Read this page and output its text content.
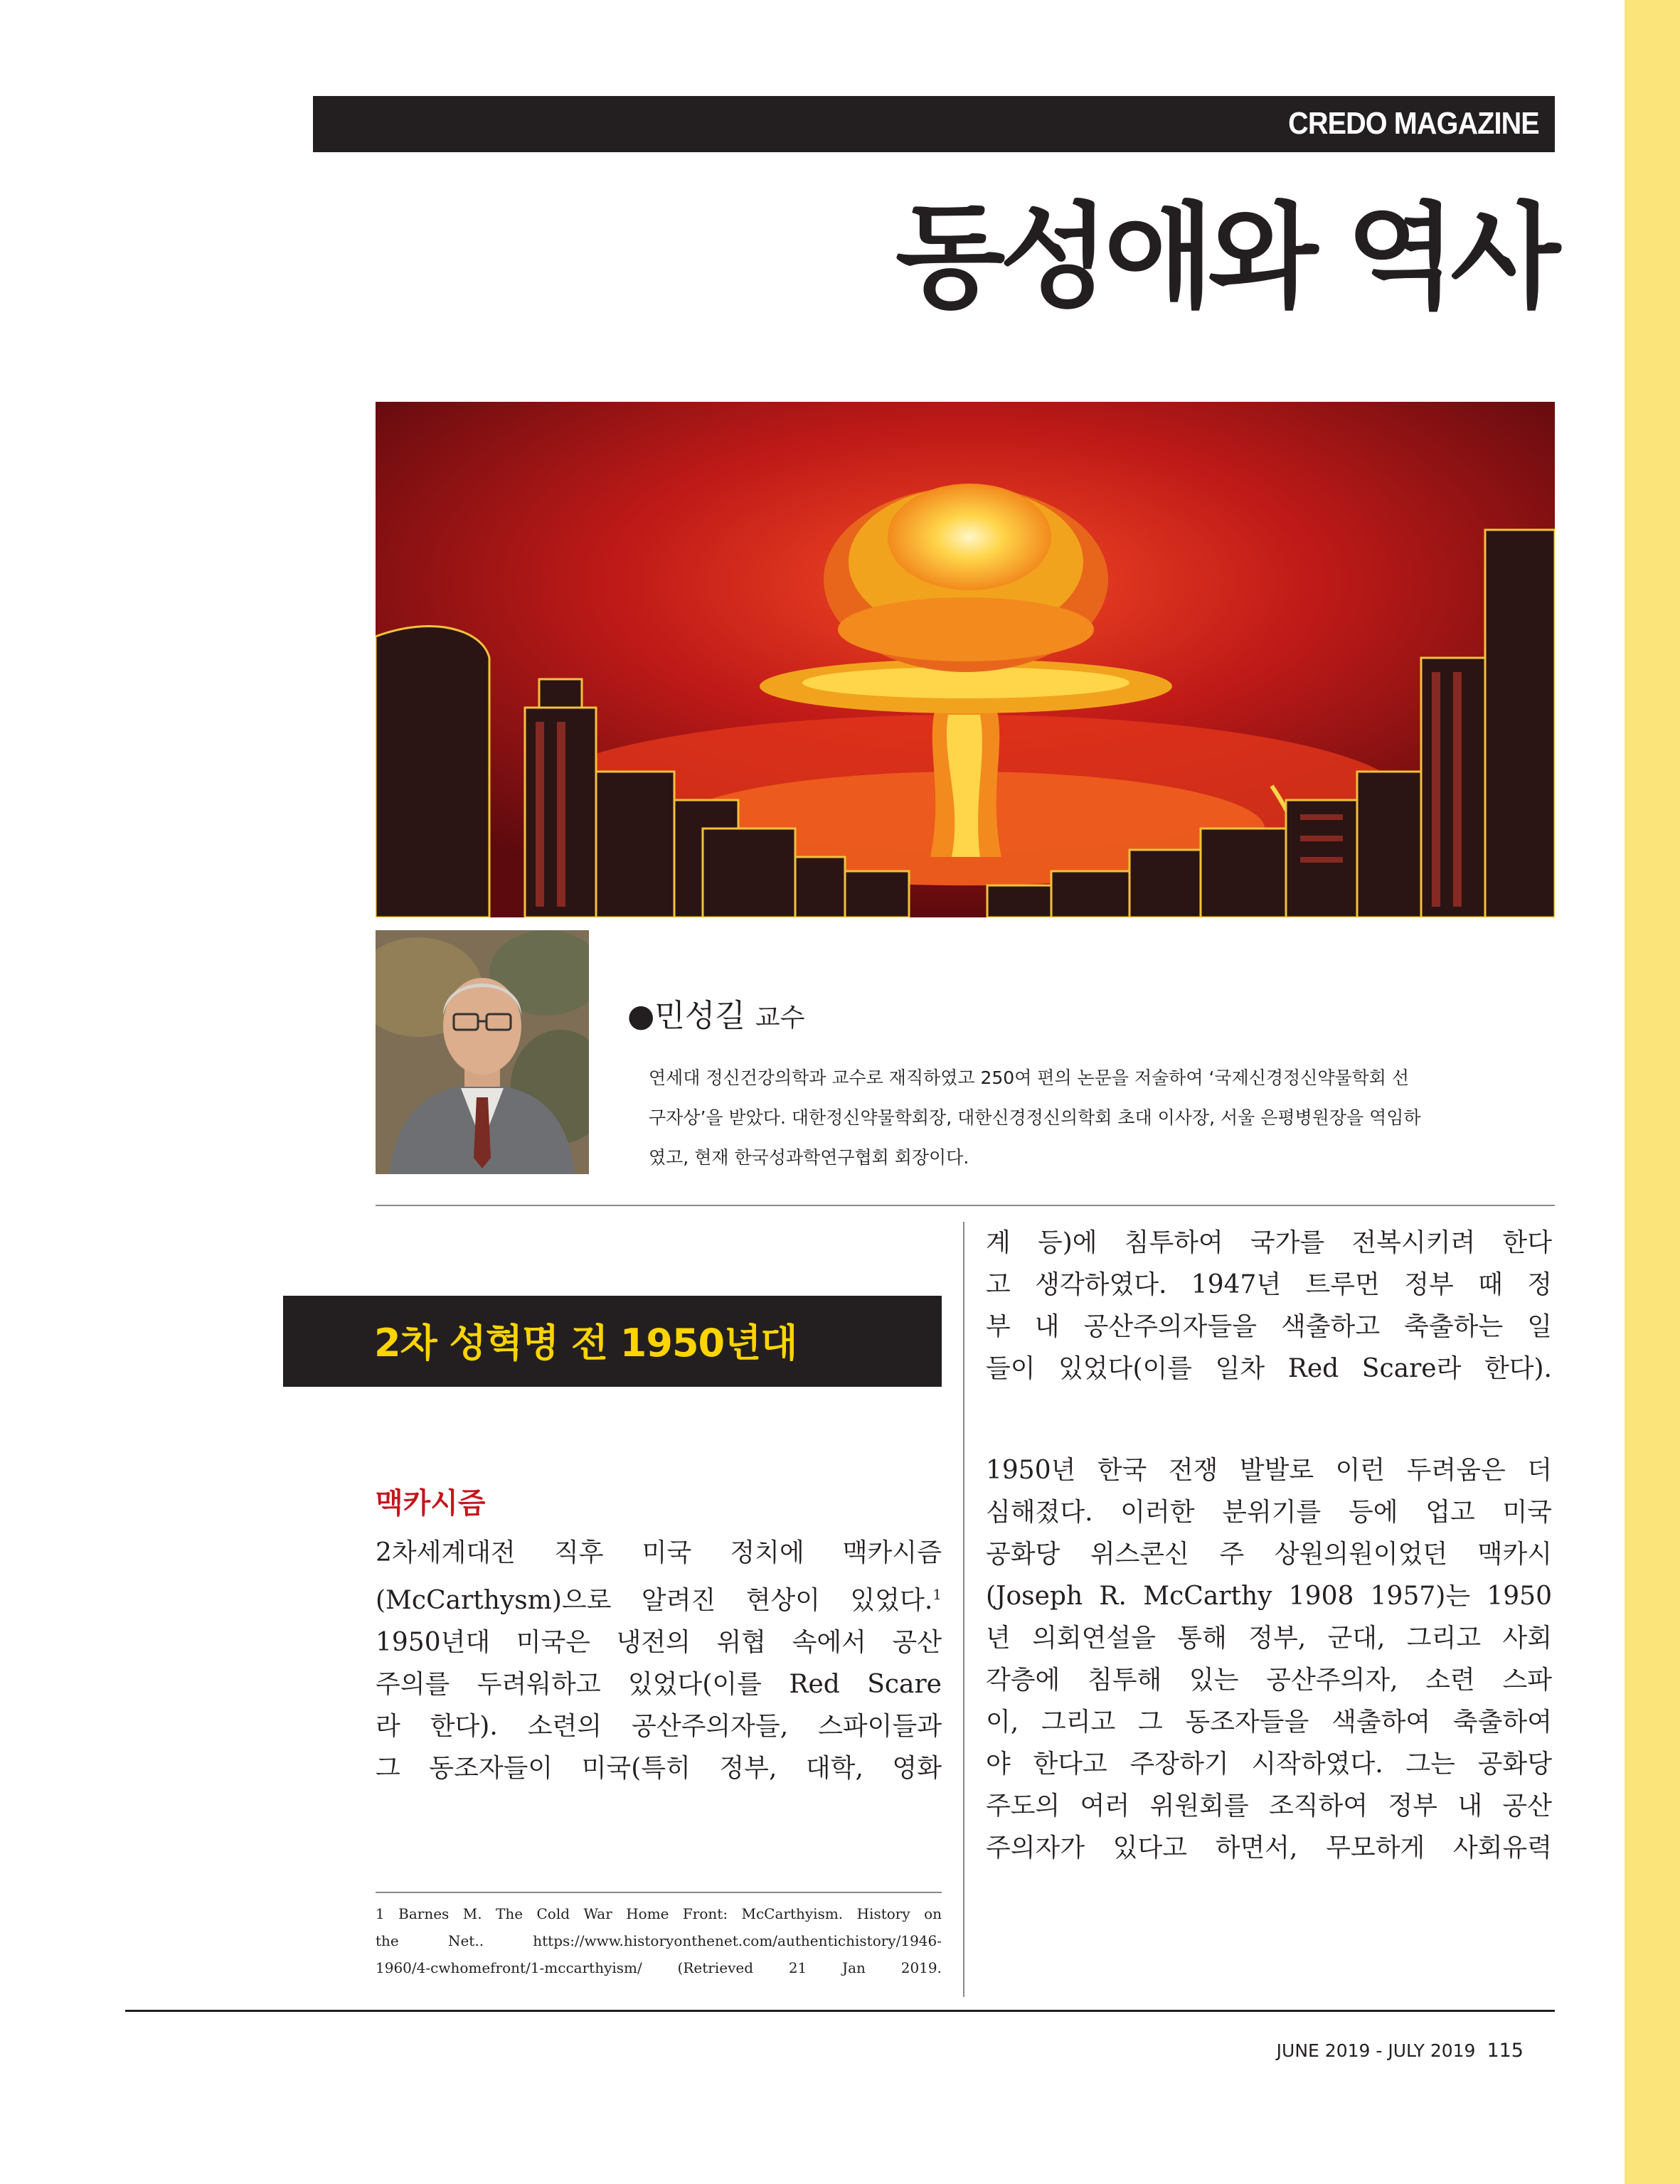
CREDO MAGAZINE
동성애와 역사
●민성길 교수
연세대 정신건강의학과 교수로 재직하였고 250여 편의 논문을 저술하여 ‘국제신경정신약물학회 선
구자상’을 받았다. 대한정신약물학회장, 대한신경정신의학회 초대 이사장, 서울 은평병원장을 역임하
였고, 현재 한국성과학연구협회 회장이다.
2차 성혁명 전 1950년대
맥카시즘
2차세계대전 직후 미국 정치에 맥카시즘
(McCarthysm)으로 알려진 현상이 있었다.$^1$
1950년대 미국은 냉전의 위협 속에서 공산
주의를 두려워하고 있었다(이를 Red Scare
라 한다). 소련의 공산주의자들, 스파이들과
그 동조자들이 미국(특히 정부, 대학, 영화
1 Barnes M. The Cold War Home Front: McCarthyism. History on
the Net.. https://www.historyonthenet.com/authentichistory/1946-
1960/4-cwhomefront/1-mccarthyism/ (Retrieved 21 Jan 2019.
계 등)에 침투하여 국가를 전복시키려 한다
고 생각하였다. 1947년 트루먼 정부 때 정
부 내 공산주의자들을 색출하고 축출하는 일
들이 있었다(이를 일차 Red Scare라 한다).
1950년 한국 전쟁 발발로 이런 두려움은 더
심해졌다. 이러한 분위기를 등에 업고 미국
공화당 위스콘신 주 상원의원이었던 맥카시
(Joseph R. McCarthy 1908 1957)는 1950
년 의회연설을 통해 정부, 군대, 그리고 사회
각층에 침투해 있는 공산주의자, 소련 스파
이, 그리고 그 동조자들을 색출하여 축출하여
야 한다고 주장하기 시작하였다. 그는 공화당
주도의 여러 위원회를 조직하여 정부 내 공산
주의자가 있다고 하면서, 무모하게 사회유력
JUNE 2019 - JULY 2019 115
